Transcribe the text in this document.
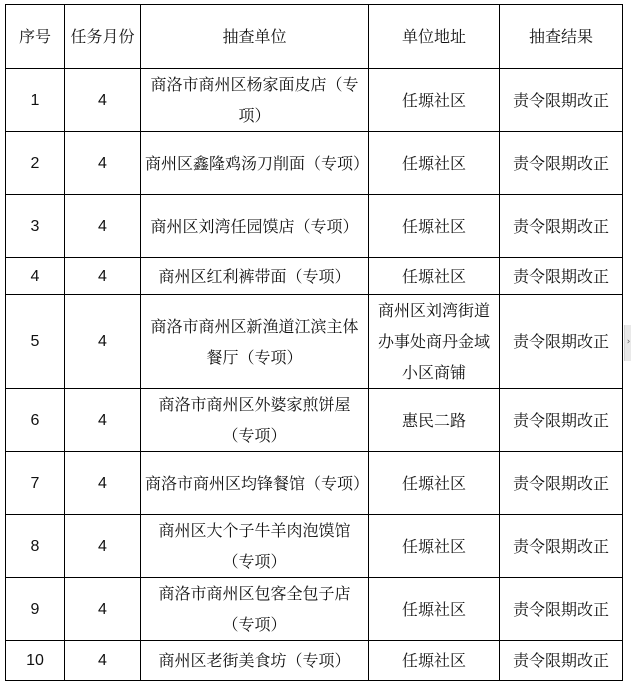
序号	任务月份	抽查单位	单位地址	抽查结果
1	4	商洛市商州区杨家面皮店（专项）	任塬社区	责令限期改正
2	4	商州区鑫隆鸡汤刀削面（专项）	任塬社区	责令限期改正
3	4	商州区刘湾任园馍店（专项）	任塬社区	责令限期改正
4	4	商州区红利裤带面（专项）	任塬社区	责令限期改正
5	4	商洛市商州区新渔道江滨主体餐厅（专项）	商州区刘湾街道办事处商丹金域小区商铺	责令限期改正
6	4	商洛市商州区外婆家煎饼屋（专项）	惠民二路	责令限期改正
7	4	商洛市商州区均锋餐馆（专项）	任塬社区	责令限期改正
8	4	商州区大个子牛羊肉泡馍馆（专项）	任塬社区	责令限期改正
9	4	商洛市商州区包客全包子店（专项）	任塬社区	责令限期改正
10	4	商州区老街美食坊（专项）	任塬社区	责令限期改正
›
